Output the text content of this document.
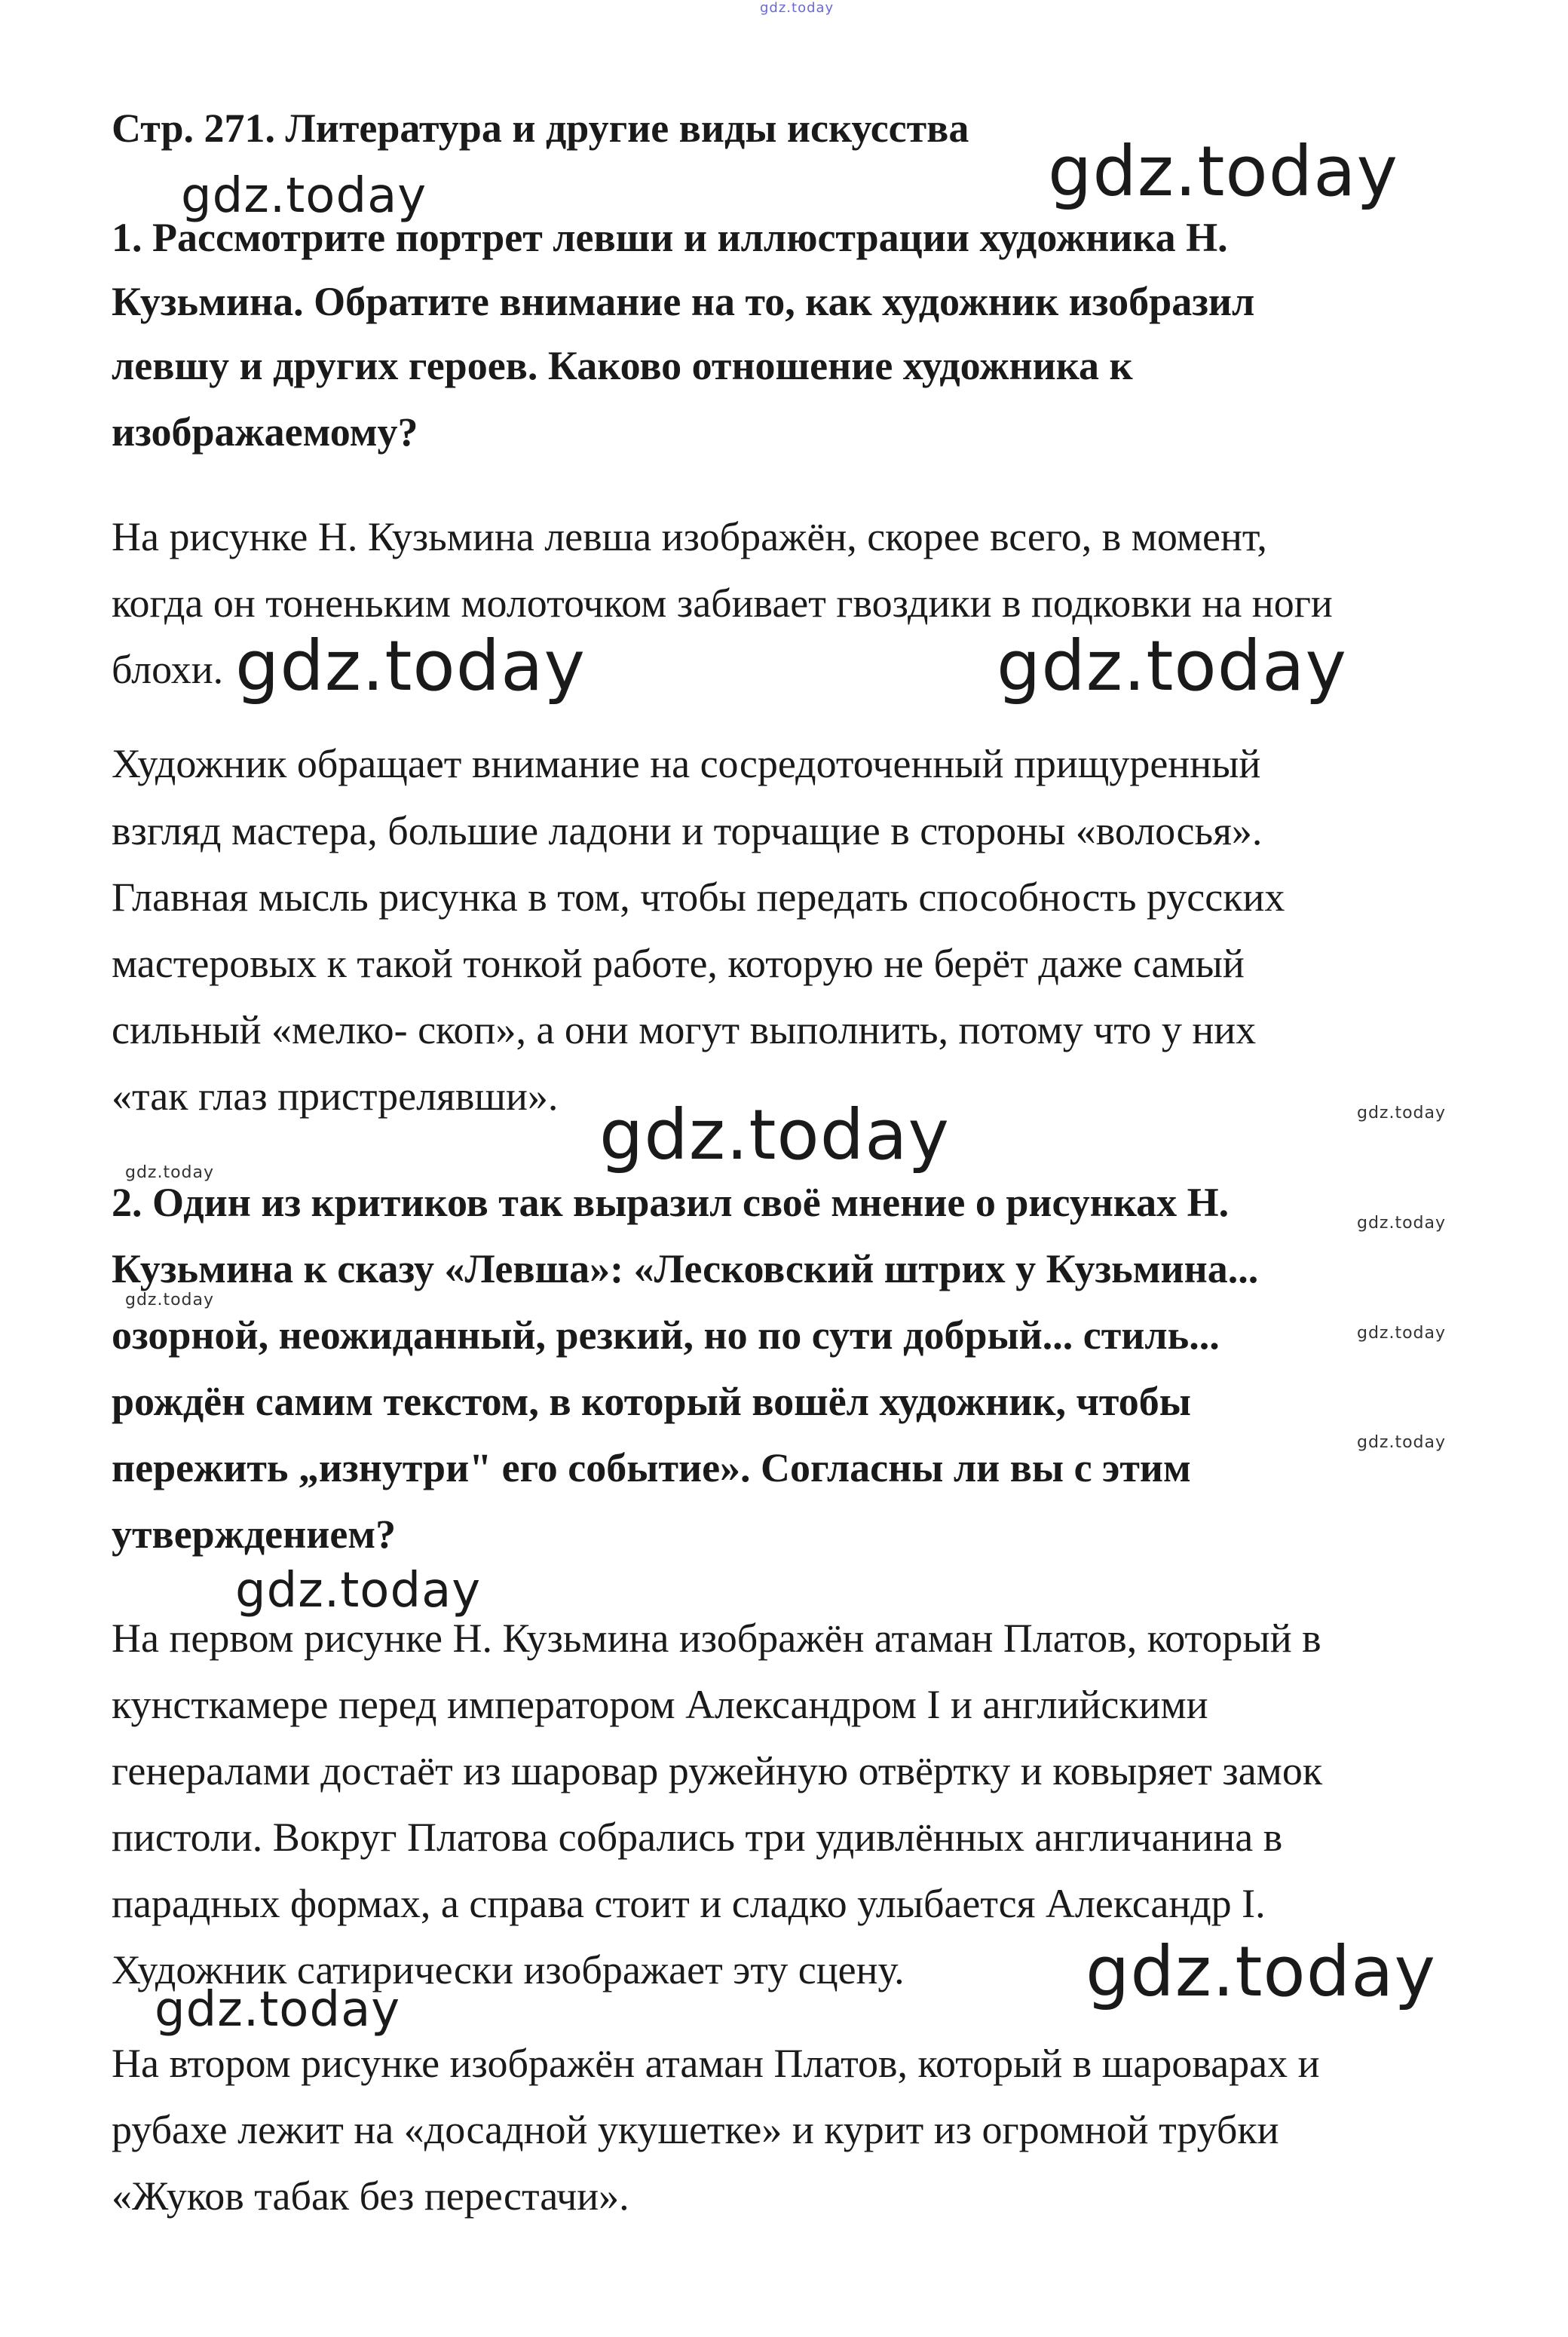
gdz.today
Стр. 271. Литература и другие виды искусства
1. Рассмотрите портрет левши и иллюстрации художника Н.
Кузьмина. Обратите внимание на то, как художник изобразил
левшу и других героев. Каково отношение художника к
изображаемому?
На рисунке Н. Кузьмина левша изображён, скорее всего, в момент,
когда он тоненьким молоточком забивает гвоздики в подковки на ноги
блохи.
Художник обращает внимание на сосредоточенный прищуренный
взгляд мастера, большие ладони и торчащие в стороны «волосья».
Главная мысль рисунка в том, чтобы передать способность русских
мастеровых к такой тонкой работе, которую не берёт даже самый
сильный «мелко- скоп», а они могут выполнить, потому что у них
«так глаз пристрелявши».
2. Один из критиков так выразил своё мнение о рисунках Н.
Кузьмина к сказу «Левша»: «Лесковский штрих у Кузьмина...
озорной, неожиданный, резкий, но по сути добрый... стиль...
рождён самим текстом, в который вошёл художник, чтобы
пережить „изнутри" его событие». Согласны ли вы с этим
утверждением?
На первом рисунке Н. Кузьмина изображён атаман Платов, который в
кунсткамере перед императором Александром I и английскими
генералами достаёт из шаровар ружейную отвёртку и ковыряет замок
пистоли. Вокруг Платова собрались три удивлённых англичанина в
парадных формах, а справа стоит и сладко улыбается Александр I.
Художник сатирически изображает эту сцену.
На втором рисунке изображён атаман Платов, который в шароварах и
рубахе лежит на «досадной укушетке» и курит из огромной трубки
«Жуков табак без перестачи».
gdz.today
gdz.today
gdz.today	gdz.today
gdz.today
gdz.today
gdz.today
gdz.today
gdz.today
gdz.today
gdz.today
gdz.today
gdz.today
gdz.today
